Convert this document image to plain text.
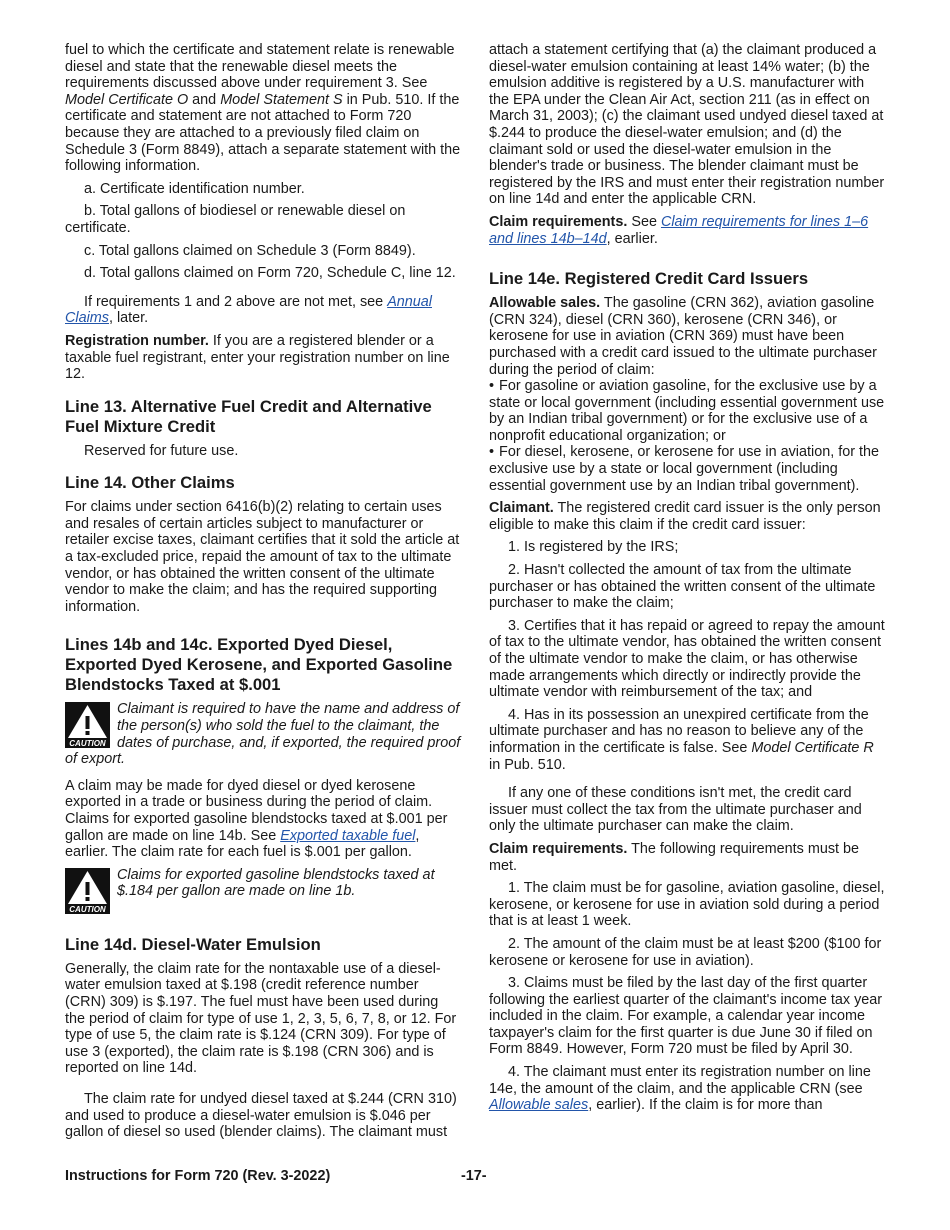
fuel to which the certificate and statement relate is renewable diesel and state that the renewable diesel meets the requirements discussed above under requirement 3. See Model Certificate O and Model Statement S in Pub. 510. If the certificate and statement are not attached to Form 720 because they are attached to a previously filed claim on Schedule 3 (Form 8849), attach a separate statement with the following information.

a. Certificate identification number.

b. Total gallons of biodiesel or renewable diesel on certificate.

c. Total gallons claimed on Schedule 3 (Form 8849).

d. Total gallons claimed on Form 720, Schedule C, line 12.

If requirements 1 and 2 above are not met, see Annual Claims, later.

Registration number. If you are a registered blender or a taxable fuel registrant, enter your registration number on line 12.

Line 13. Alternative Fuel Credit and Alternative Fuel Mixture Credit

Reserved for future use.

Line 14. Other Claims

For claims under section 6416(b)(2) relating to certain uses and resales of certain articles subject to manufacturer or retailer excise taxes, claimant certifies that it sold the article at a tax-excluded price, repaid the amount of tax to the ultimate vendor, or has obtained the written consent of the ultimate vendor to make the claim; and has the required supporting information.

Lines 14b and 14c. Exported Dyed Diesel, Exported Dyed Kerosene, and Exported Gasoline Blendstocks Taxed at $.001
CAUTION
Claimant is required to have the name and address of the person(s) who sold the fuel to the claimant, the dates of purchase, and, if exported, the required proof of export.

A claim may be made for dyed diesel or dyed kerosene exported in a trade or business during the period of claim. Claims for exported gasoline blendstocks taxed at $.001 per gallon are made on line 14b. See Exported taxable fuel, earlier. The claim rate for each fuel is $.001 per gallon.

CAUTION
Claims for exported gasoline blendstocks taxed at $.184 per gallon are made on line 1b.
Line 14d. Diesel-Water Emulsion

Generally, the claim rate for the nontaxable use of a diesel-water emulsion taxed at $.198 (credit reference number (CRN) 309) is $.197. The fuel must have been used during the period of claim for type of use 1, 2, 3, 5, 6, 7, 8, or 12. For type of use 5, the claim rate is $.124 (CRN 309). For type of use 3 (exported), the claim rate is $.198 (CRN 306) and is reported on line 14d.

The claim rate for undyed diesel taxed at $.244 (CRN 310) and used to produce a diesel-water emulsion is $.046 per gallon of diesel so used (blender claims). The claimant must

attach a statement certifying that (a) the claimant produced a diesel-water emulsion containing at least 14% water; (b) the emulsion additive is registered by a U.S. manufacturer with the EPA under the Clean Air Act, section 211 (as in effect on March 31, 2003); (c) the claimant used undyed diesel taxed at $.244 to produce the diesel-water emulsion; and (d) the claimant sold or used the diesel-water emulsion in the blender's trade or business. The blender claimant must be registered by the IRS and must enter their registration number on line 14d and enter the applicable CRN.

Claim requirements. See Claim requirements for lines 1–6 and lines 14b–14d, earlier.

Line 14e. Registered Credit Card Issuers

Allowable sales. The gasoline (CRN 362), aviation gasoline (CRN 324), diesel (CRN 360), kerosene (CRN 346), or kerosene for use in aviation (CRN 369) must have been purchased with a credit card issued to the ultimate purchaser during the period of claim:

• For gasoline or aviation gasoline, for the exclusive use by a state or local government (including essential government use by an Indian tribal government) or for the exclusive use of a nonprofit educational organization; or

• For diesel, kerosene, or kerosene for use in aviation, for the exclusive use by a state or local government (including essential government use by an Indian tribal government).

Claimant. The registered credit card issuer is the only person eligible to make this claim if the credit card issuer:

1. Is registered by the IRS;

2. Hasn't collected the amount of tax from the ultimate purchaser or has obtained the written consent of the ultimate purchaser to make the claim;

3. Certifies that it has repaid or agreed to repay the amount of tax to the ultimate vendor, has obtained the written consent of the ultimate vendor to make the claim, or has otherwise made arrangements which directly or indirectly provide the ultimate vendor with reimbursement of the tax; and

4. Has in its possession an unexpired certificate from the ultimate purchaser and has no reason to believe any of the information in the certificate is false. See Model Certificate R in Pub. 510.

If any one of these conditions isn't met, the credit card issuer must collect the tax from the ultimate purchaser and only the ultimate purchaser can make the claim.

Claim requirements. The following requirements must be met.

1. The claim must be for gasoline, aviation gasoline, diesel, kerosene, or kerosene for use in aviation sold during a period that is at least 1 week.

2. The amount of the claim must be at least $200 ($100 for kerosene or kerosene for use in aviation).

3. Claims must be filed by the last day of the first quarter following the earliest quarter of the claimant's income tax year included in the claim. For example, a calendar year income taxpayer's claim for the first quarter is due June 30 if filed on Form 8849. However, Form 720 must be filed by April 30.

4. The claimant must enter its registration number on line 14e, the amount of the claim, and the applicable CRN (see Allowable sales, earlier). If the claim is for more than

Instructions for Form 720 (Rev. 3-2022)	-17-
